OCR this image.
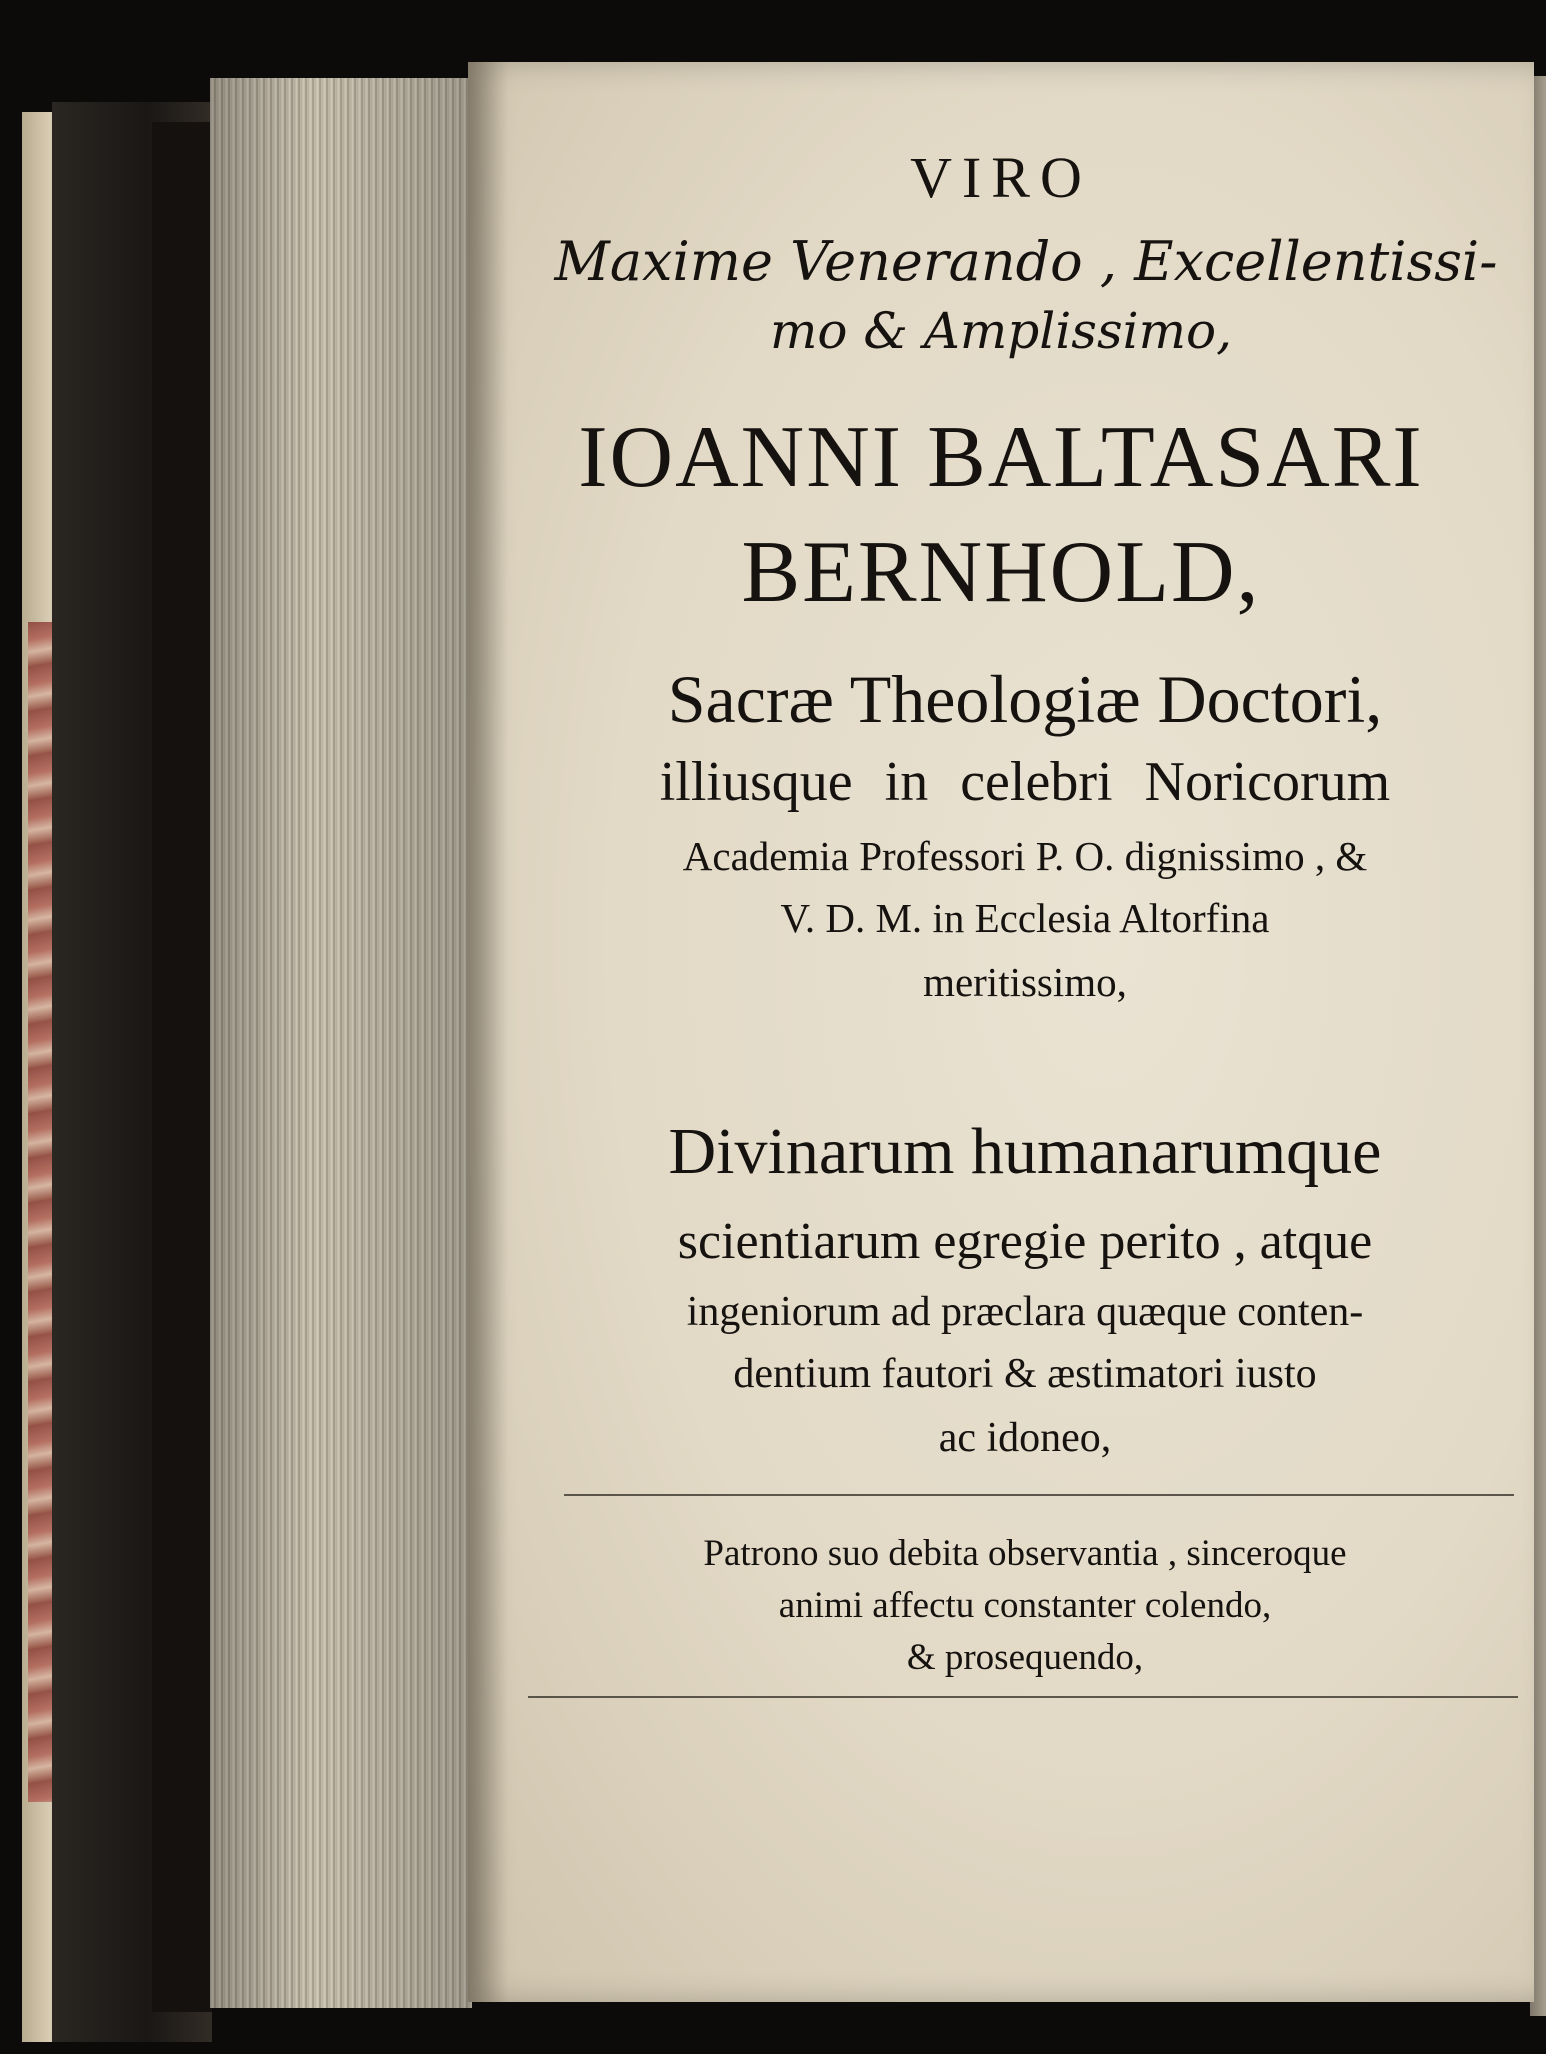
VIRO
Maxime Venerando , Excellentissi-
mo & Amplissimo,
IOANNI BALTASARI
BERNHOLD,
Sacræ Theologiæ Doctori,
illiusque in celebri Noricorum
Academia Professori P. O. dignissimo , &
V. D. M. in Ecclesia Altorfina
meritissimo,
Divinarum humanarumque
scientiarum egregie perito , atque
ingeniorum ad præclara quæque conten-
dentium fautori & æstimatori iusto
ac idoneo,
Patrono suo debita observantia , sinceroque
animi affectu constanter colendo,
& prosequendo,
